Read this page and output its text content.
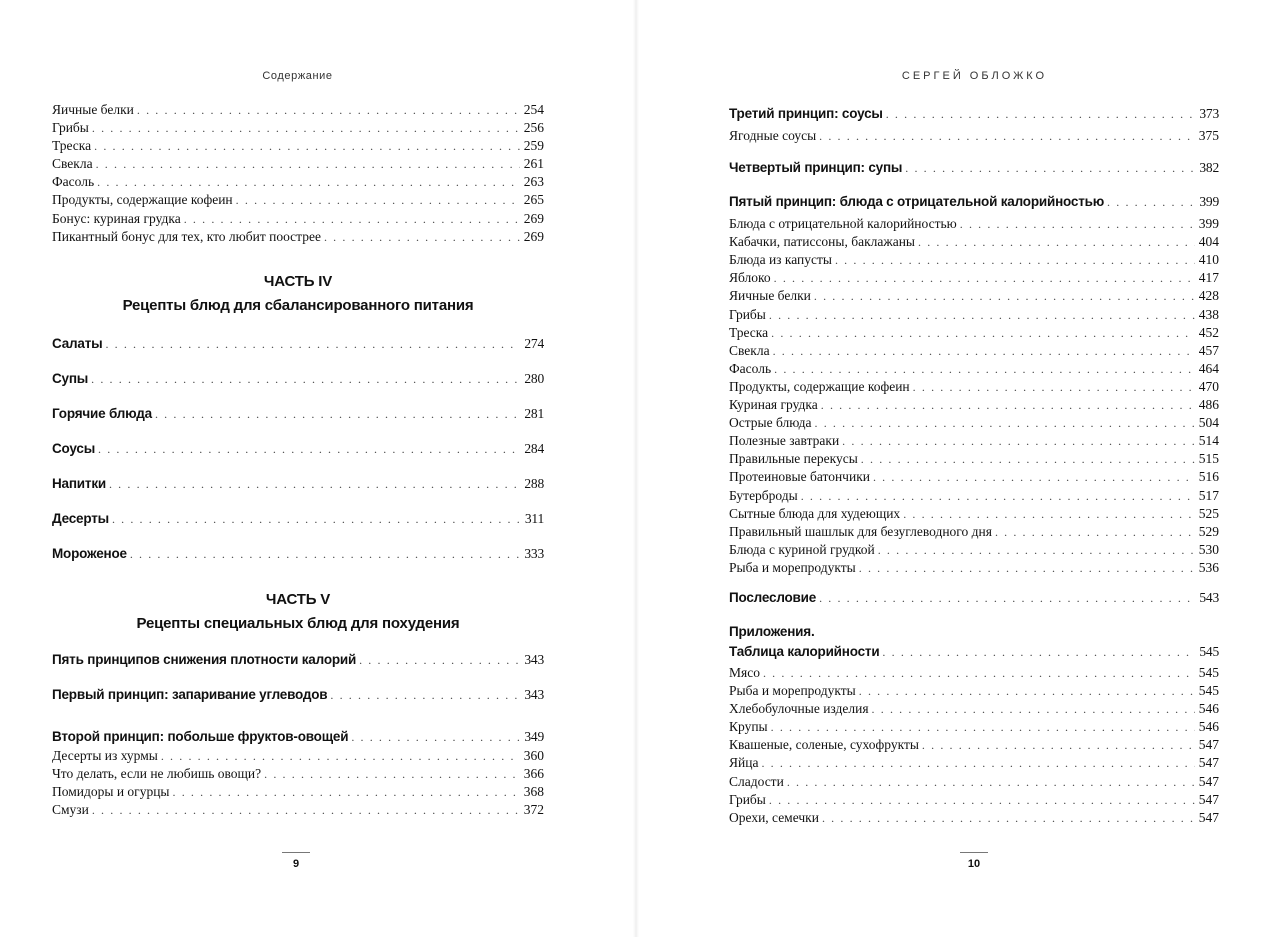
Содержание
Яичные белки . . .	254
Грибы . . .	256
Треска . . .	259
Свекла . . .	261
Фасоль . . .	263
Продукты, содержащие кофеин . . .	265
Бонус: куриная грудка . . .	269
Пикантный бонус для тех, кто любит поострее . . .	269
ЧАСТЬ IV
Рецепты блюд для сбалансированного питания
Салаты . . .	274
Супы . . .	280
Горячие блюда . . .	281
Соусы . . .	284
Напитки . . .	288
Десерты . . .	311
Мороженое . . .	333
ЧАСТЬ V
Рецепты специальных блюд для похудения
Пять принципов снижения плотности калорий . . .	343
Первый принцип: запаривание углеводов . . .	343
Второй принцип: побольше фруктов-овощей . . .	349
Десерты из хурмы . . .	360
Что делать, если не любишь овощи? . . .	366
Помидоры и огурцы . . .	368
Смузи . . .	372
9
СЕРГЕЙ ОБЛОЖКО
Третий принцип: соусы . . .	373
Ягодные соусы . . .	375
Четвертый принцип: супы . . .	382
Пятый принцип: блюда с отрицательной калорийностью . . .	399
Блюда с отрицательной калорийностью . . .	399
Кабачки, патиссоны, баклажаны . . .	404
Блюда из капусты . . .	410
Яблоко . . .	417
Яичные белки . . .	428
Грибы . . .	438
Треска . . .	452
Свекла . . .	457
Фасоль . . .	464
Продукты, содержащие кофеин . . .	470
Куриная грудка . . .	486
Острые блюда . . .	504
Полезные завтраки . . .	514
Правильные перекусы . . .	515
Протеиновые батончики . . .	516
Бутерброды . . .	517
Сытные блюда для худеющих . . .	525
Правильный шашлык для безуглеводного дня . . .	529
Блюда с куриной грудкой . . .	530
Рыба и морепродукты . . .	536
Послесловие . . .	543
Приложения.
Таблица калорийности . . .	545
Мясо . . .	545
Рыба и морепродукты . . .	545
Хлебобулочные изделия . . .	546
Крупы . . .	546
Квашеные, соленые, сухофрукты . . .	547
Яйца . . .	547
Сладости . . .	547
Грибы . . .	547
Орехи, семечки . . .	547
10
